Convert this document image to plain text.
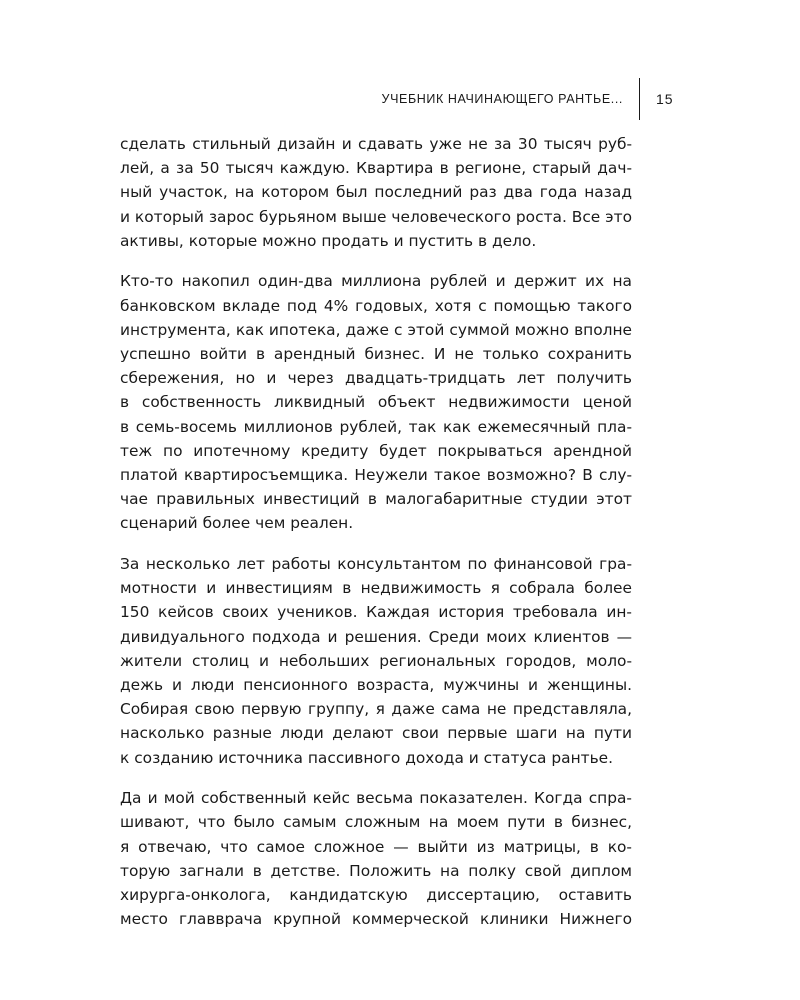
УЧЕБНИК НАЧИНАЮЩЕГО РАНТЬЕ...	15

сделать стильный дизайн и сдавать уже не за 30 тысяч руб-
лей, а за 50 тысяч каждую. Квартира в регионе, старый дач-
ный участок, на котором был последний раз два года назад
и который зарос бурьяном выше человеческого роста. Все это
активы, которые можно продать и пустить в дело.

Кто-то накопил один-два миллиона рублей и держит их на
банковском вкладе под 4% годовых, хотя с помощью такого
инструмента, как ипотека, даже с этой суммой можно вполне
успешно войти в арендный бизнес. И не только сохранить
сбережения, но и через двадцать-тридцать лет получить
в собственность ликвидный объект недвижимости ценой
в семь-восемь миллионов рублей, так как ежемесячный пла-
теж по ипотечному кредиту будет покрываться арендной
платой квартиросъемщика. Неужели такое возможно? В слу-
чае правильных инвестиций в малогабаритные студии этот
сценарий более чем реален.

За несколько лет работы консультантом по финансовой гра-
мотности и инвестициям в недвижимость я собрала более
150 кейсов своих учеников. Каждая история требовала ин-
дивидуального подхода и решения. Среди моих клиентов —
жители столиц и небольших региональных городов, моло-
дежь и люди пенсионного возраста, мужчины и женщины.
Собирая свою первую группу, я даже сама не представляла,
насколько разные люди делают свои первые шаги на пути
к созданию источника пассивного дохода и статуса рантье.

Да и мой собственный кейс весьма показателен. Когда спра-
шивают, что было самым сложным на моем пути в бизнес,
я отвечаю, что самое сложное — выйти из матрицы, в ко-
торую загнали в детстве. Положить на полку свой диплом
хирурга-онколога, кандидатскую диссертацию, оставить
место главврача крупной коммерческой клиники Нижнего
